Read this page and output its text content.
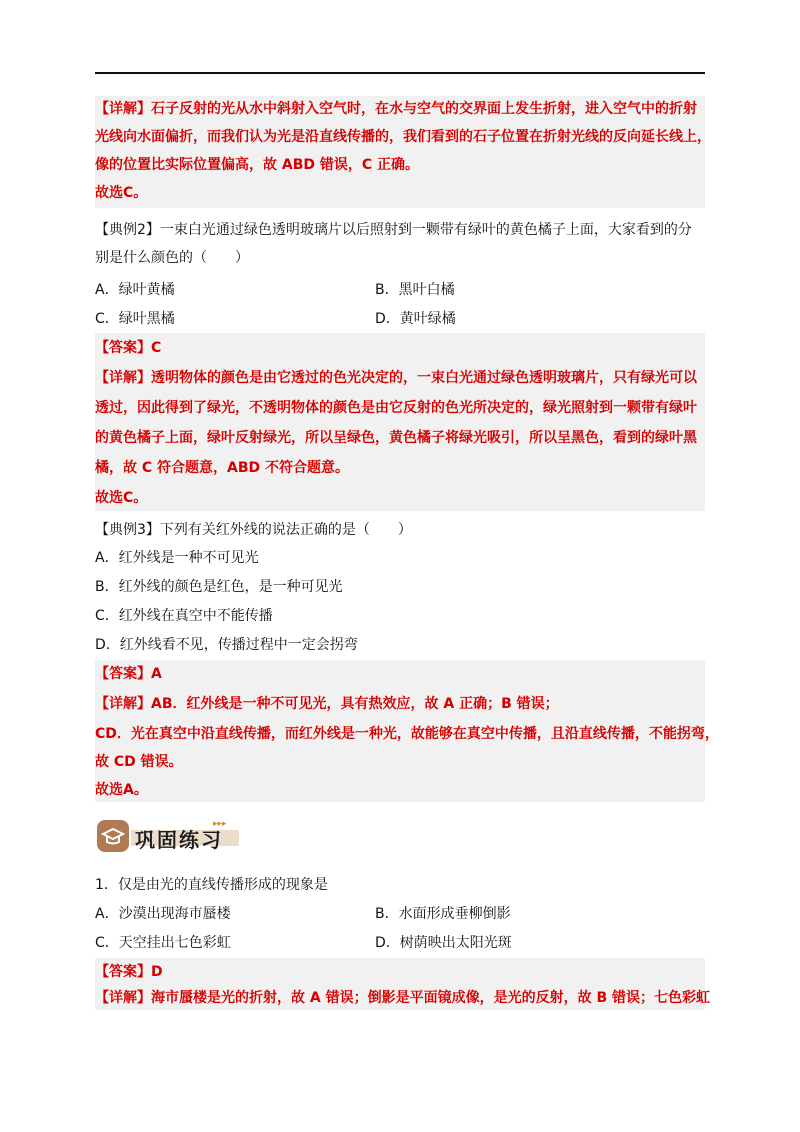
【详解】石子反射的光从水中斜射入空气时，在水与空气的交界面上发生折射，进入空气中的折射
光线向水面偏折，而我们认为光是沿直线传播的，我们看到的石子位置在折射光线的反向延长线上，
像的位置比实际位置偏高，故 ABD 错误，C 正确。
故选C。
【典例2】一束白光通过绿色透明玻璃片以后照射到一颗带有绿叶的黄色橘子上面，大家看到的分
别是什么颜色的（　　）
A．绿叶黄橘	B．黑叶白橘
C．绿叶黑橘	D．黄叶绿橘
【答案】C
【详解】透明物体的颜色是由它透过的色光决定的，一束白光通过绿色透明玻璃片，只有绿光可以
透过，因此得到了绿光，不透明物体的颜色是由它反射的色光所决定的，绿光照射到一颗带有绿叶
的黄色橘子上面，绿叶反射绿光，所以呈绿色，黄色橘子将绿光吸引，所以呈黑色，看到的绿叶黑
橘，故 C 符合题意，ABD 不符合题意。
故选C。
【典例3】下列有关红外线的说法正确的是（　　）
A．红外线是一种不可见光
B．红外线的颜色是红色，是一种可见光
C．红外线在真空中不能传播
D．红外线看不见，传播过程中一定会拐弯
【答案】A
【详解】AB．红外线是一种不可见光，具有热效应，故 A 正确；B 错误；
CD．光在真空中沿直线传播，而红外线是一种光，故能够在真空中传播，且沿直线传播，不能拐弯，
故 CD 错误。
故选A。
▸▸▸
巩固练习
1．仅是由光的直线传播形成的现象是
A．沙漠出现海市蜃楼	B．水面形成垂柳倒影
C．天空挂出七色彩虹	D．树荫映出太阳光斑
【答案】D
【详解】海市蜃楼是光的折射，故 A 错误；倒影是平面镜成像，是光的反射，故 B 错误；七色彩虹
